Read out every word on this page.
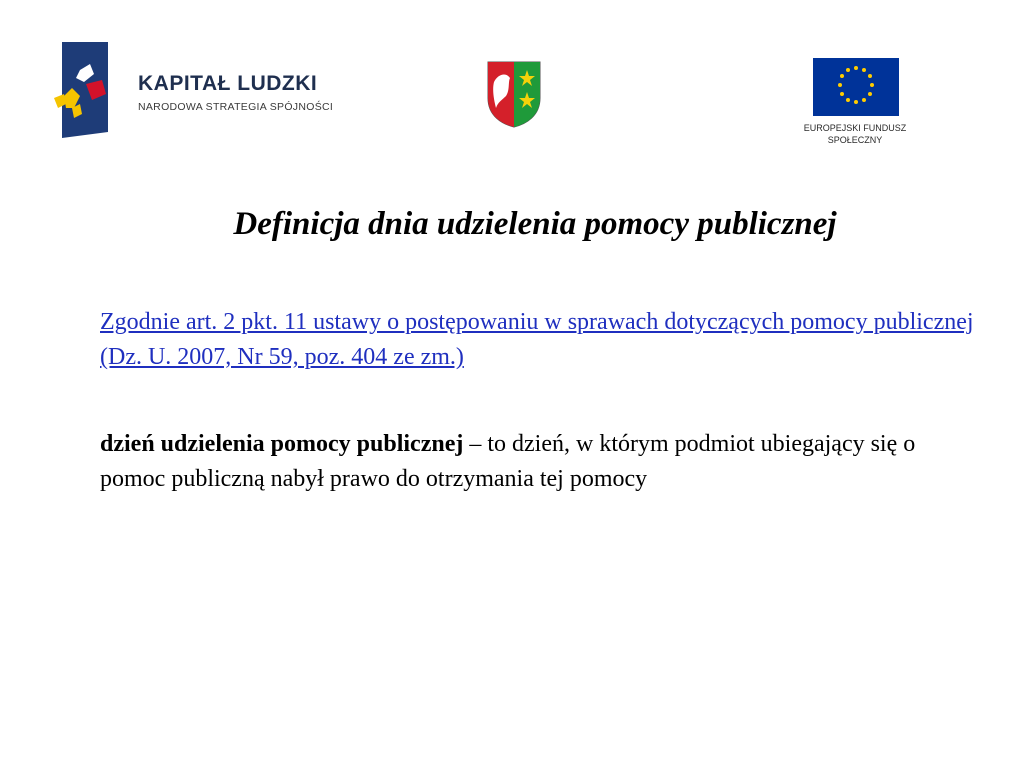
KAPITAŁ LUDZKI
NARODOWA STRATEGIA SPÓJNOŚCI
EUROPEJSKI FUNDUSZ
SPOŁECZNY
Definicja dnia udzielenia pomocy publicznej
Zgodnie art. 2 pkt. 11 ustawy o postępowaniu w sprawach dotyczących pomocy publicznej (Dz. U. 2007, Nr 59, poz. 404 ze zm.)
dzień udzielenia pomocy publicznej – to dzień, w którym podmiot ubiegający się o pomoc publiczną nabył prawo do otrzymania tej pomocy
